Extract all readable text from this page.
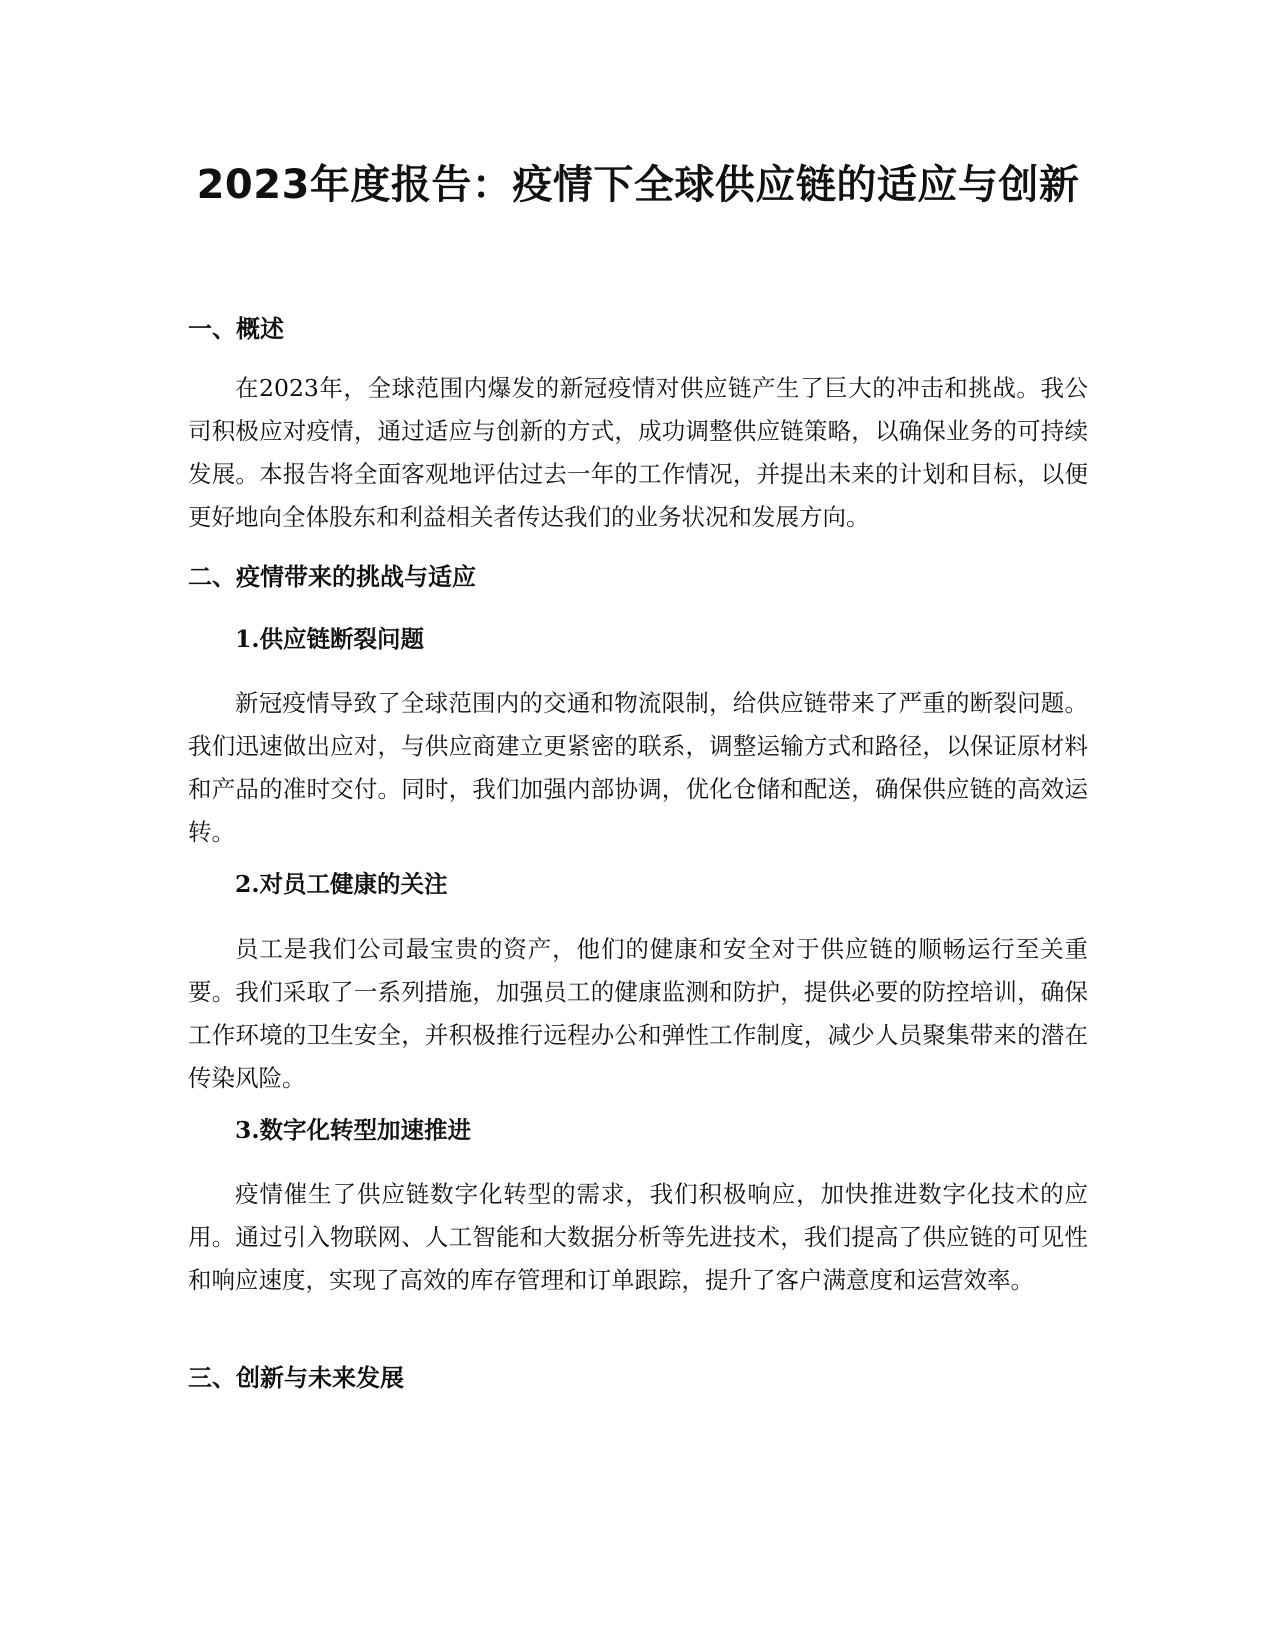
2023年度报告：疫情下全球供应链的适应与创新
一、概述

在2023年，全球范围内爆发的新冠疫情对供应链产生了巨大的冲击和挑战。我公司积极应对疫情，通过适应与创新的方式，成功调整供应链策略，以确保业务的可持续发展。本报告将全面客观地评估过去一年的工作情况，并提出未来的计划和目标，以便更好地向全体股东和利益相关者传达我们的业务状况和发展方向。

二、疫情带来的挑战与适应
1.供应链断裂问题

新冠疫情导致了全球范围内的交通和物流限制，给供应链带来了严重的断裂问题。我们迅速做出应对，与供应商建立更紧密的联系，调整运输方式和路径，以保证原材料和产品的准时交付。同时，我们加强内部协调，优化仓储和配送，确保供应链的高效运转。

2.对员工健康的关注

员工是我们公司最宝贵的资产，他们的健康和安全对于供应链的顺畅运行至关重要。我们采取了一系列措施，加强员工的健康监测和防护，提供必要的防控培训，确保工作环境的卫生安全，并积极推行远程办公和弹性工作制度，减少人员聚集带来的潜在传染风险。

3.数字化转型加速推进

疫情催生了供应链数字化转型的需求，我们积极响应，加快推进数字化技术的应用。通过引入物联网、人工智能和大数据分析等先进技术，我们提高了供应链的可见性和响应速度，实现了高效的库存管理和订单跟踪，提升了客户满意度和运营效率。

三、创新与未来发展
